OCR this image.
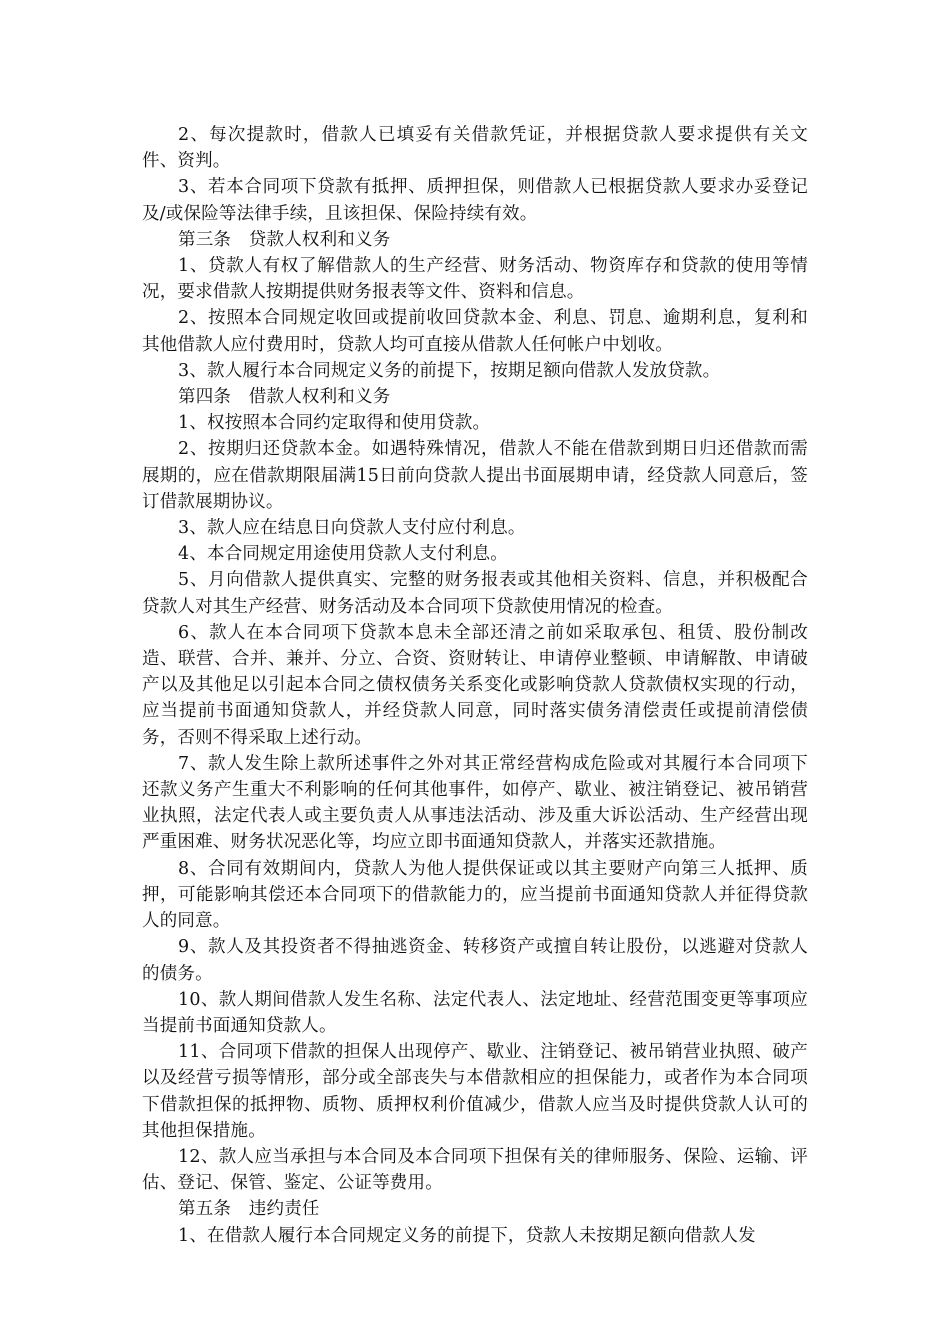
2、每次提款时，借款人已填妥有关借款凭证，并根据贷款人要求提供有关文件、资判。

3、若本合同项下贷款有抵押、质押担保，则借款人已根据贷款人要求办妥登记及/或保险等法律手续，且该担保、保险持续有效。

第三条　贷款人权利和义务

1、贷款人有权了解借款人的生产经营、财务活动、物资库存和贷款的使用等情况，要求借款人按期提供财务报表等文件、资料和信息。

2、按照本合同规定收回或提前收回贷款本金、利息、罚息、逾期利息，复利和其他借款人应付费用时，贷款人均可直接从借款人任何帐户中划收。

3、款人履行本合同规定义务的前提下，按期足额向借款人发放贷款。

第四条　借款人权利和义务

1、权按照本合同约定取得和使用贷款。

2、按期归还贷款本金。如遇特殊情况，借款人不能在借款到期日归还借款而需展期的，应在借款期限届满15日前向贷款人提出书面展期申请，经贷款人同意后，签订借款展期协议。

3、款人应在结息日向贷款人支付应付利息。

4、本合同规定用途使用贷款人支付利息。

5、月向借款人提供真实、完整的财务报表或其他相关资料、信息，并积极配合贷款人对其生产经营、财务活动及本合同项下贷款使用情况的检查。

6、款人在本合同项下贷款本息未全部还清之前如采取承包、租赁、股份制改造、联营、合并、兼并、分立、合资、资财转让、申请停业整顿、申请解散、申请破产以及其他足以引起本合同之债权债务关系变化或影响贷款人贷款债权实现的行动，应当提前书面通知贷款人，并经贷款人同意，同时落实债务清偿责任或提前清偿债务，否则不得采取上述行动。

7、款人发生除上款所述事件之外对其正常经营构成危险或对其履行本合同项下还款义务产生重大不利影响的任何其他事件，如停产、歇业、被注销登记、被吊销营业执照，法定代表人或主要负责人从事违法活动、涉及重大诉讼活动、生产经营出现严重困难、财务状况恶化等，均应立即书面通知贷款人，并落实还款措施。

8、合同有效期间内，贷款人为他人提供保证或以其主要财产向第三人抵押、质押，可能影响其偿还本合同项下的借款能力的，应当提前书面通知贷款人并征得贷款人的同意。

9、款人及其投资者不得抽逃资金、转移资产或擅自转让股份，以逃避对贷款人的债务。

10、款人期间借款人发生名称、法定代表人、法定地址、经营范围变更等事项应当提前书面通知贷款人。

11、合同项下借款的担保人出现停产、歇业、注销登记、被吊销营业执照、破产以及经营亏损等情形，部分或全部丧失与本借款相应的担保能力，或者作为本合同项下借款担保的抵押物、质物、质押权利价值减少，借款人应当及时提供贷款人认可的其他担保措施。

12、款人应当承担与本合同及本合同项下担保有关的律师服务、保险、运输、评估、登记、保管、鉴定、公证等费用。

第五条　违约责任

1、在借款人履行本合同规定义务的前提下，贷款人未按期足额向借款人发
